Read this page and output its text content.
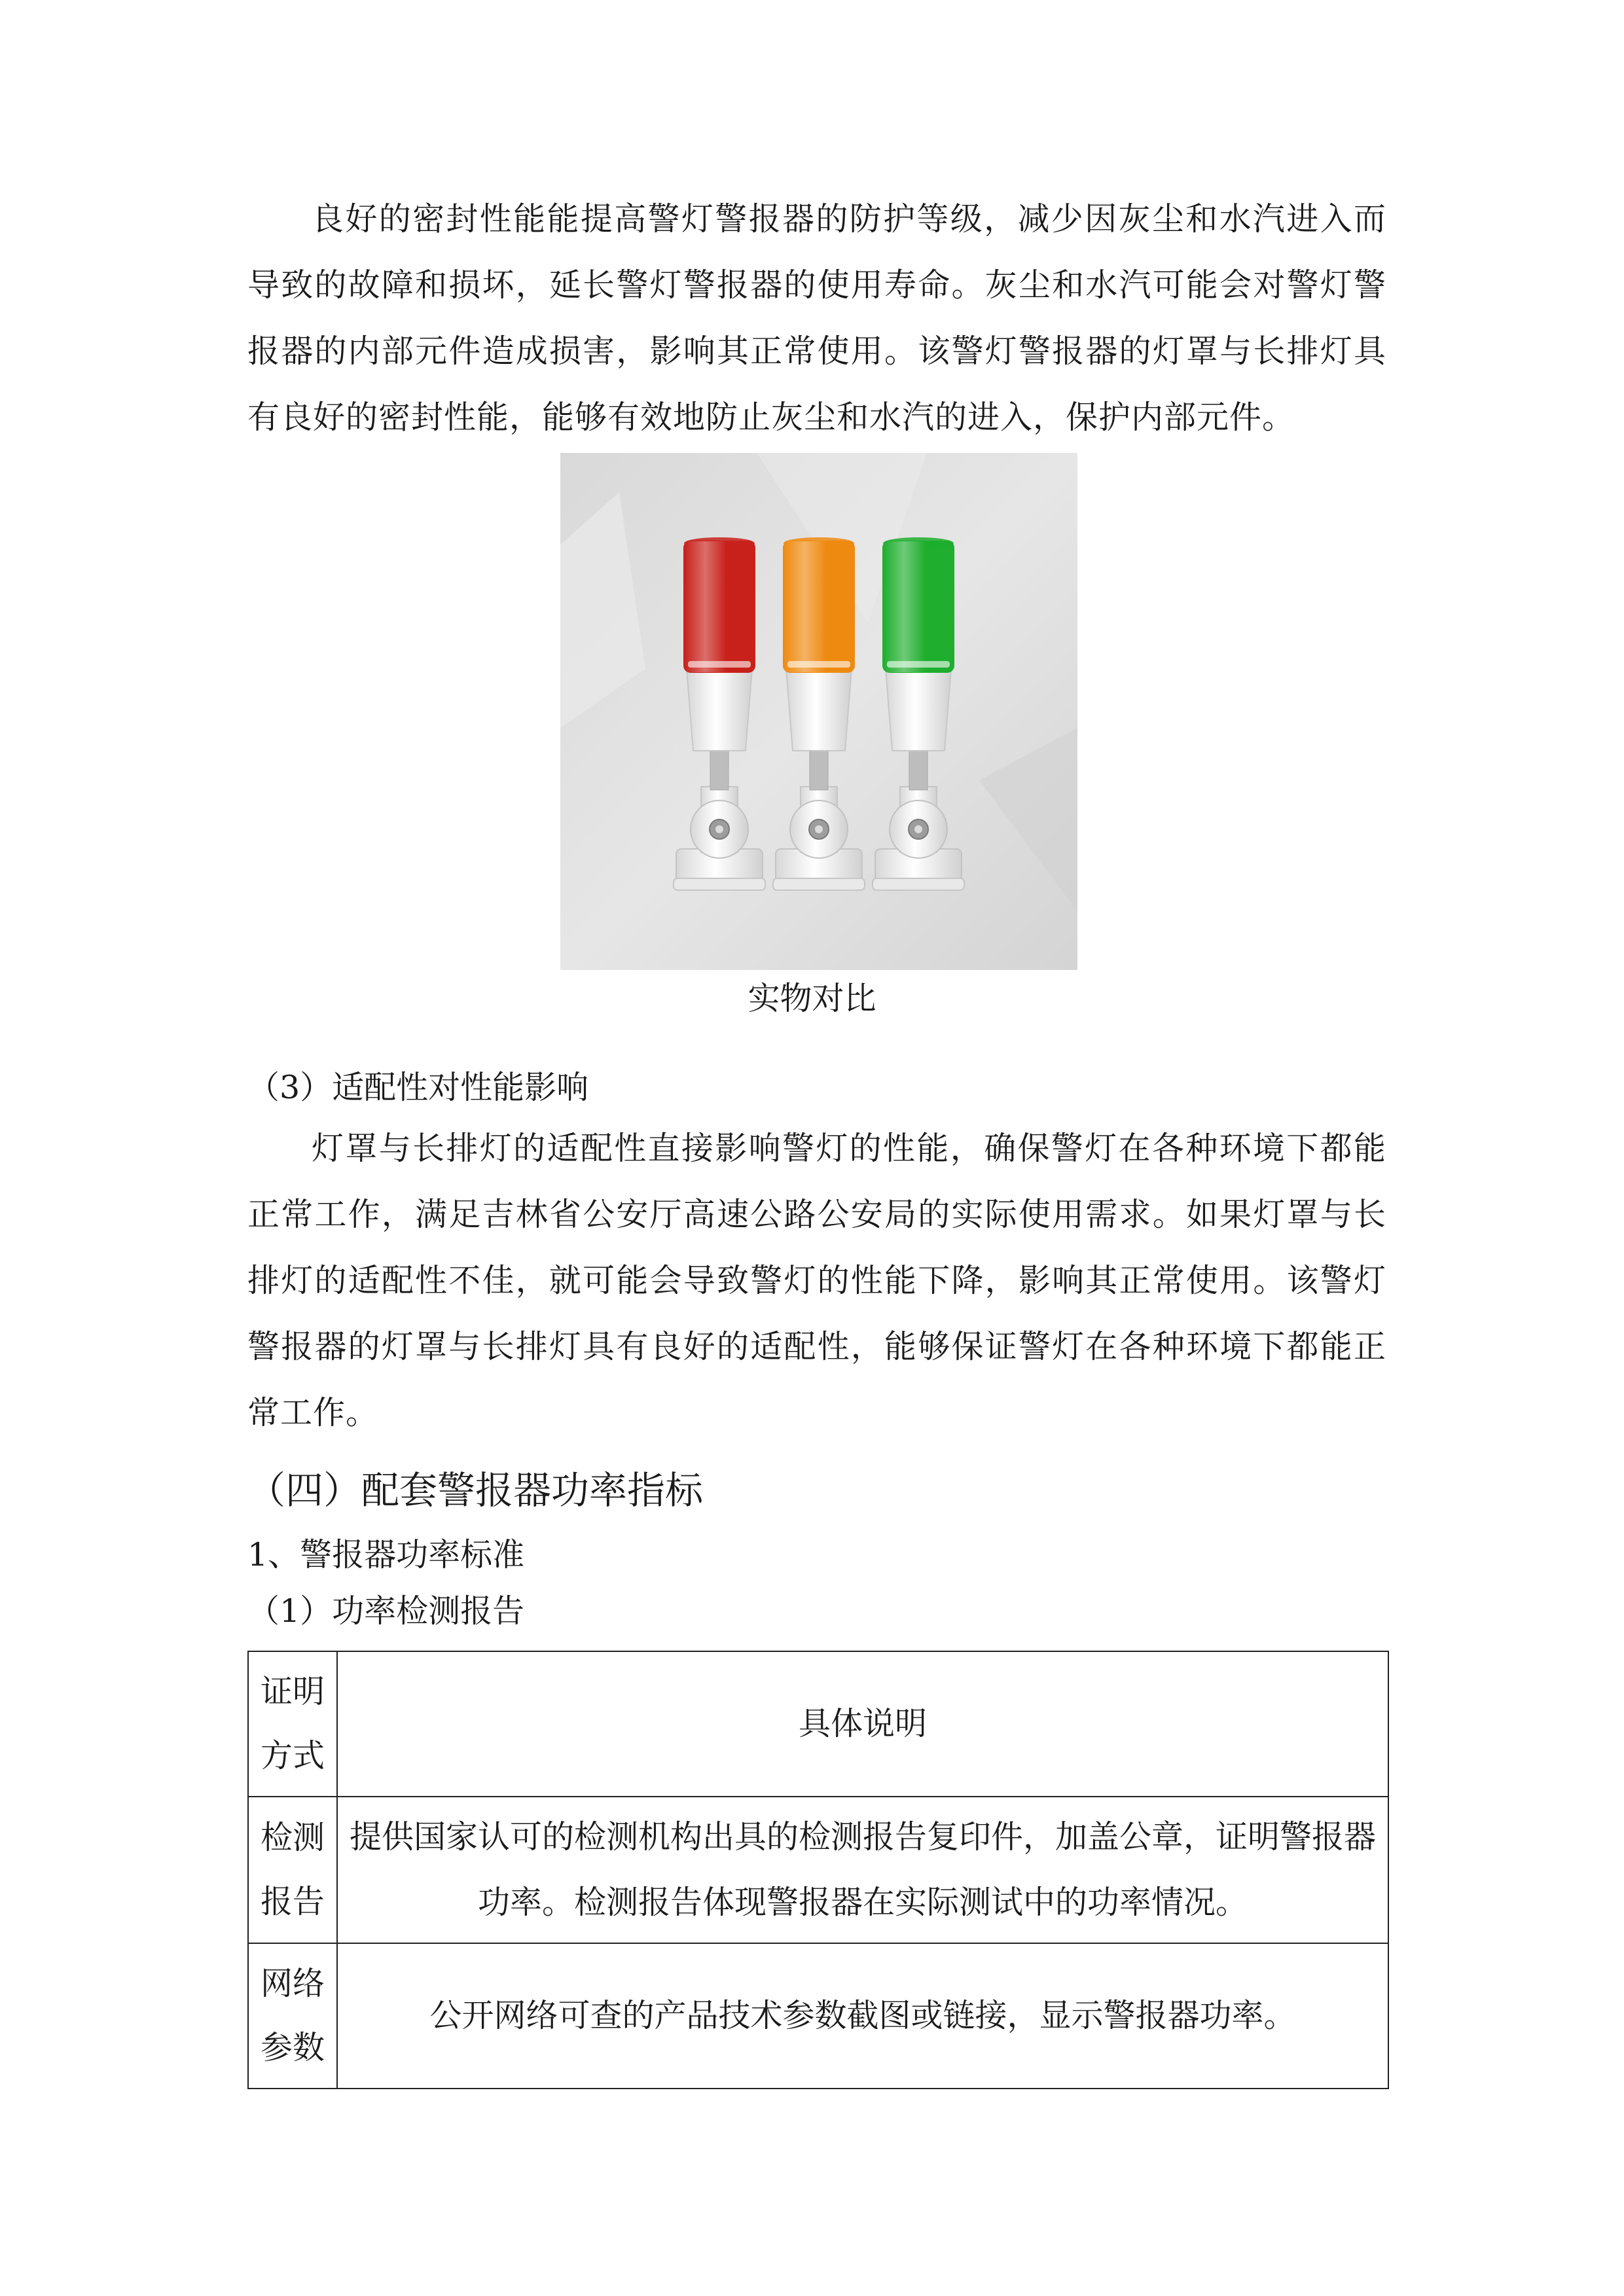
良好的密封性能能提高警灯警报器的防护等级，减少因灰尘和水汽进入而导致的故障和损坏，延长警灯警报器的使用寿命。灰尘和水汽可能会对警灯警报器的内部元件造成损害，影响其正常使用。该警灯警报器的灯罩与长排灯具有良好的密封性能，能够有效地防止灰尘和水汽的进入，保护内部元件。

实物对比

（3）适配性对性能影响

灯罩与长排灯的适配性直接影响警灯的性能，确保警灯在各种环境下都能正常工作，满足吉林省公安厅高速公路公安局的实际使用需求。如果灯罩与长排灯的适配性不佳，就可能会导致警灯的性能下降，影响其正常使用。该警灯警报器的灯罩与长排灯具有良好的适配性，能够保证警灯在各种环境下都能正常工作。

（四）配套警报器功率指标

1、警报器功率标准

（1）功率检测报告

证明方式	具体说明

检测报告	提供国家认可的检测机构出具的检测报告复印件，加盖公章，证明警报器功率。检测报告体现警报器在实际测试中的功率情况。

网络参数	公开网络可查的产品技术参数截图或链接，显示警报器功率。
